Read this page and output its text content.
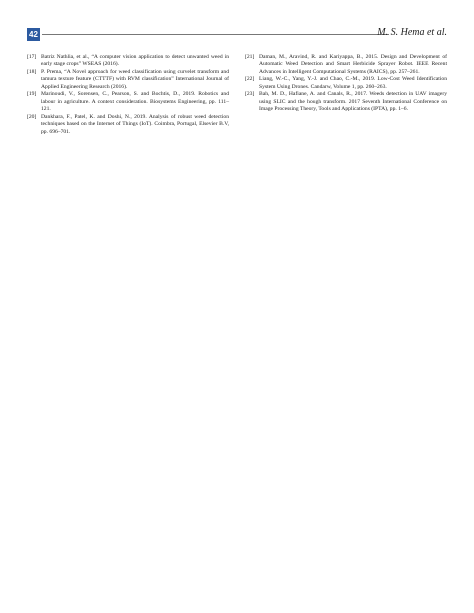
42	M. S. Hema et al.
[17] Batriz Nathlia, et al., “A computer vision application to detect unwanted weed in early stage crops” WSEAS (2016).
[18] P. Prema, “A Novel approach for weed classification using curvelet transform and tamura texture feature (CTTTF) with RVM classification” International Journal of Applied Engineering Research (2016).
[19] Marinoudi, V., Sorensen, C., Pearson, S. and Bochtis, D., 2019. Robotics and labour in agriculture. A context consideration. Biosystems Engineering, pp. 111–121.
[20] Dankhara, F., Patel, K. and Doshi, N., 2019. Analysis of robust weed detection techniques based on the Internet of Things (IoT). Coimbra, Portugal, Elsevier B.V, pp. 696–701.
[21] Daman, M., Aravind, R. and Kariyappa, B., 2015. Design and Development of Automatic Weed Detection and Smart Herbicide Sprayer Robot. IEEE Recent Advances in Intelligent Computational Systems (RAICS), pp. 257–261.
[22] Liang, W.-C., Yang, Y.-J. and Chao, C.-M., 2019. Low-Cost Weed Identification System Using Drones. Candarw, Volume 1, pp. 260–263.
[23] Bah, M. D., Hafiane, A. and Canals, R., 2017. Weeds detection in UAV imagery using SLIC and the hough transform. 2017 Seventh International Conference on Image Processing Theory, Tools and Applications (IPTA), pp. 1–6.
